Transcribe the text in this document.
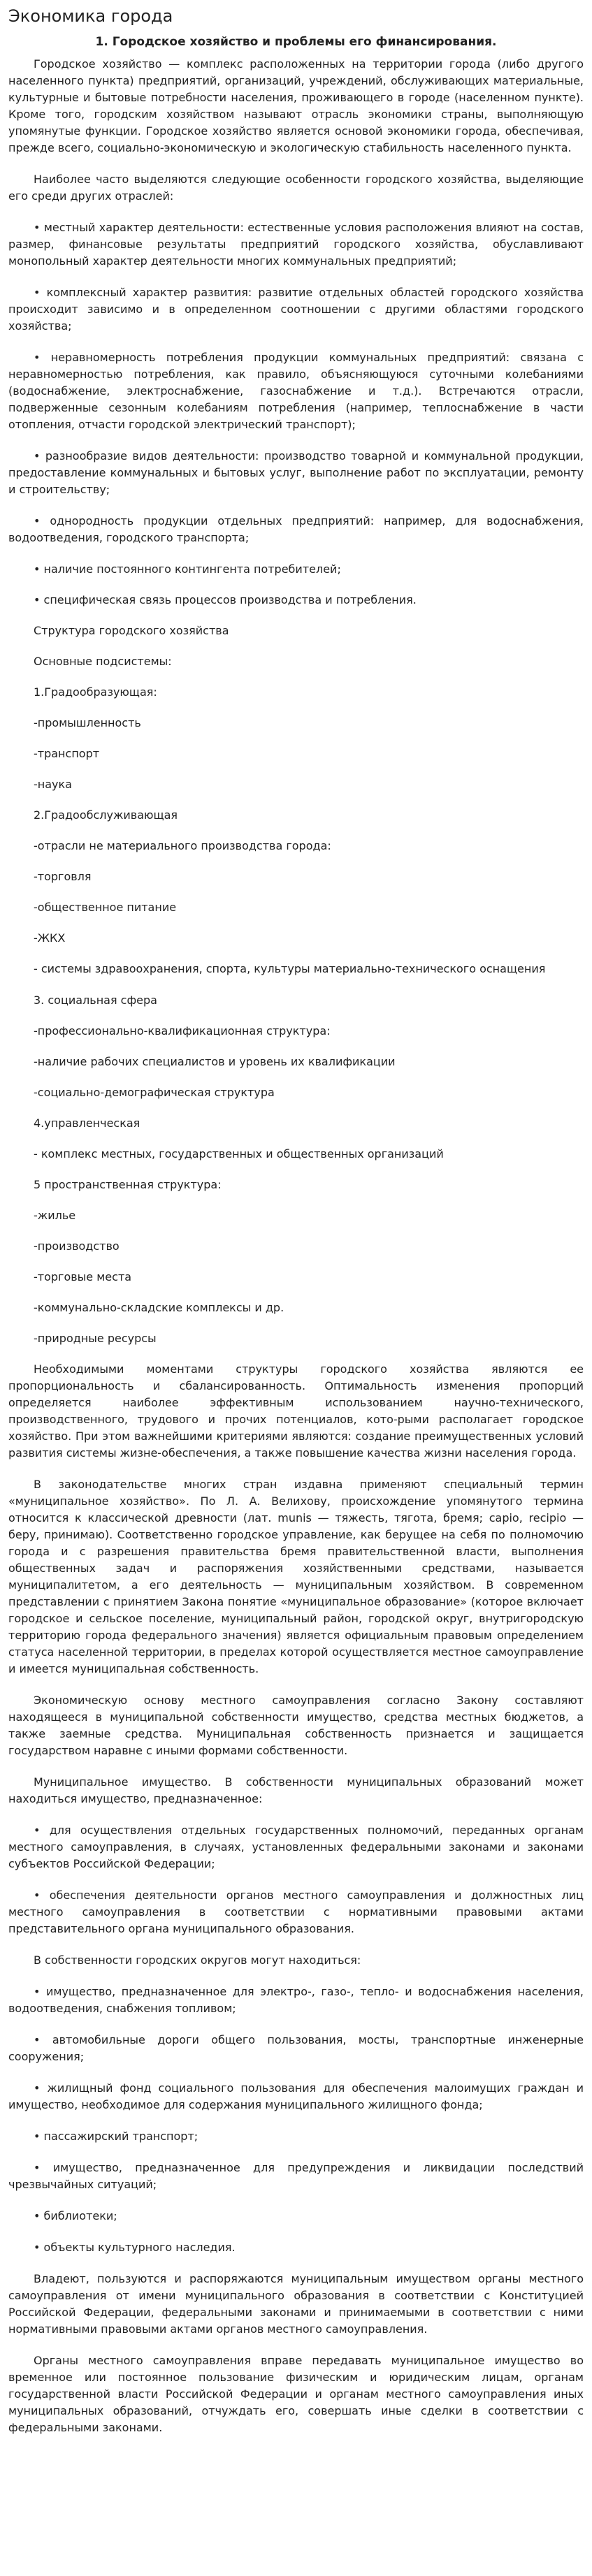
Экономика города
1. Городское хозяйство и проблемы его финансирования.

Городское хозяйство — комплекс расположенных на территории города (либо другого населенного пункта) предприятий, организаций, учреждений, обслуживающих материальные, культурные и бытовые потребности населения, проживающего в городе (населенном пункте). Кроме того, городским хозяйством называют отрасль экономики страны, выполняющую упомянутые функции. Городское хозяйство является основой экономики города, обеспечивая, прежде всего, социально-экономическую и экологическую стабильность населенного пункта.

Наиболее часто выделяются следующие особенности городского хозяйства, выделяющие его среди других отраслей:

• местный характер деятельности: естественные условия расположения влияют на состав, размер, финансовые результаты предприятий городского хозяйства, обуславливают монопольный характер деятельности многих коммунальных предприятий;

• комплексный характер развития: развитие отдельных областей городского хозяйства происходит зависимо и в определенном соотношении с другими областями городского хозяйства;

• неравномерность потребления продукции коммунальных предприятий: связана с неравномерностью потребления, как правило, объясняющуюся суточными колебаниями (водоснабжение, электроснабжение, газоснабжение и т.д.). Встречаются отрасли, подверженные сезонным колебаниям потребления (например, теплоснабжение в части отопления, отчасти городской электрический транспорт);

• разнообразие видов деятельности: производство товарной и коммунальной продукции, предоставление коммунальных и бытовых услуг, выполнение работ по эксплуатации, ремонту и строительству;

• однородность продукции отдельных предприятий: например, для водоснабжения, водоотведения, городского транспорта;

• наличие постоянного контингента потребителей;

• специфическая связь процессов производства и потребления.

Структура городского хозяйства

Основные подсистемы:

1.Градообразующая:

-промышленность

-транспорт

-наука

2.Градообслуживающая

-отрасли не материального производства города:

-торговля

-общественное питание

-ЖКХ

- системы здравоохранения, спорта, культуры материально-технического оснащения

3. социальная сфера

-профессионально-квалификационная структура:

-наличие рабочих специалистов и уровень их квалификации

-социально-демографическая структура

4.управленческая

- комплекс местных, государственных и общественных организаций

5 пространственная структура:

-жилье

-производство

-торговые места

-коммунально-складские комплексы и др.

-природные ресурсы

Необходимыми моментами структуры городского хозяйства являются ее пропорциональность и сбалансированность. Оптимальность изменения пропорций определяется наиболее эффективным использованием научно-технического, производственного, трудового и прочих потенциалов, кото-рыми располагает городское хозяйство. При этом важнейшими критериями являются: создание преимущественных условий развития системы жизне-обеспечения, а также повышение качества жизни населения города.

В законодательстве многих стран издавна применяют специальный термин «муниципальное хозяйство». По Л. А. Велихову, происхождение упомянутого термина относится к классической древности (лат. munis — тяжесть, тягота, бремя; capio, recipio — беру, принимаю). Соответственно городское управление, как берущее на себя по полномочию города и с разрешения правительства бремя правительственной власти, выполнения общественных задач и распоряжения хозяйственными средствами, называется муниципалитетом, а его деятельность — муниципальным хозяйством. В современном представлении с принятием Закона понятие «муниципальное образование» (которое включает городское и сельское поселение, муниципальный район, городской округ, внутригородскую территорию города федерального значения) является официальным правовым определением статуса населенной территории, в пределах которой осуществляется местное самоуправление и имеется муниципальная собственность.

Экономическую основу местного самоуправления согласно Закону составляют находящееся в муниципальной собственности имущество, средства местных бюджетов, а также заемные средства. Муниципальная собственность признается и защищается государством наравне с иными формами собственности.

Муниципальное имущество. В собственности муниципальных образований может находиться имущество, предназначенное:

• для осуществления отдельных государственных полномочий, переданных органам местного самоуправления, в случаях, установленных федеральными законами и законами субъектов Российской Федерации;

• обеспечения деятельности органов местного самоуправления и должностных лиц местного самоуправления в соответствии с нормативными правовыми актами представительного органа муниципального образования.

В собственности городских округов могут находиться:

• имущество, предназначенное для электро-, газо-, тепло- и водоснабжения населения, водоотведения, снабжения топливом;

• автомобильные дороги общего пользования, мосты, транспортные инженерные сооружения;

• жилищный фонд социального пользования для обеспечения малоимущих граждан и имущество, необходимое для содержания муниципального жилищного фонда;

• пассажирский транспорт;

• имущество, предназначенное для предупреждения и ликвидации последствий чрезвычайных ситуаций;

• библиотеки;

• объекты культурного наследия.

Владеют, пользуются и распоряжаются муниципальным имуществом органы местного самоуправления от имени муниципального образования в соответствии с Конституцией Российской Федерации, федеральными законами и принимаемыми в соответствии с ними нормативными правовыми актами органов местного самоуправления.

Органы местного самоуправления вправе передавать муниципальное имущество во временное или постоянное пользование физическим и юридическим лицам, органам государственной власти Российской Федерации и органам местного самоуправления иных муниципальных образований, отчуждать его, совершать иные сделки в соответствии с федеральными законами.
